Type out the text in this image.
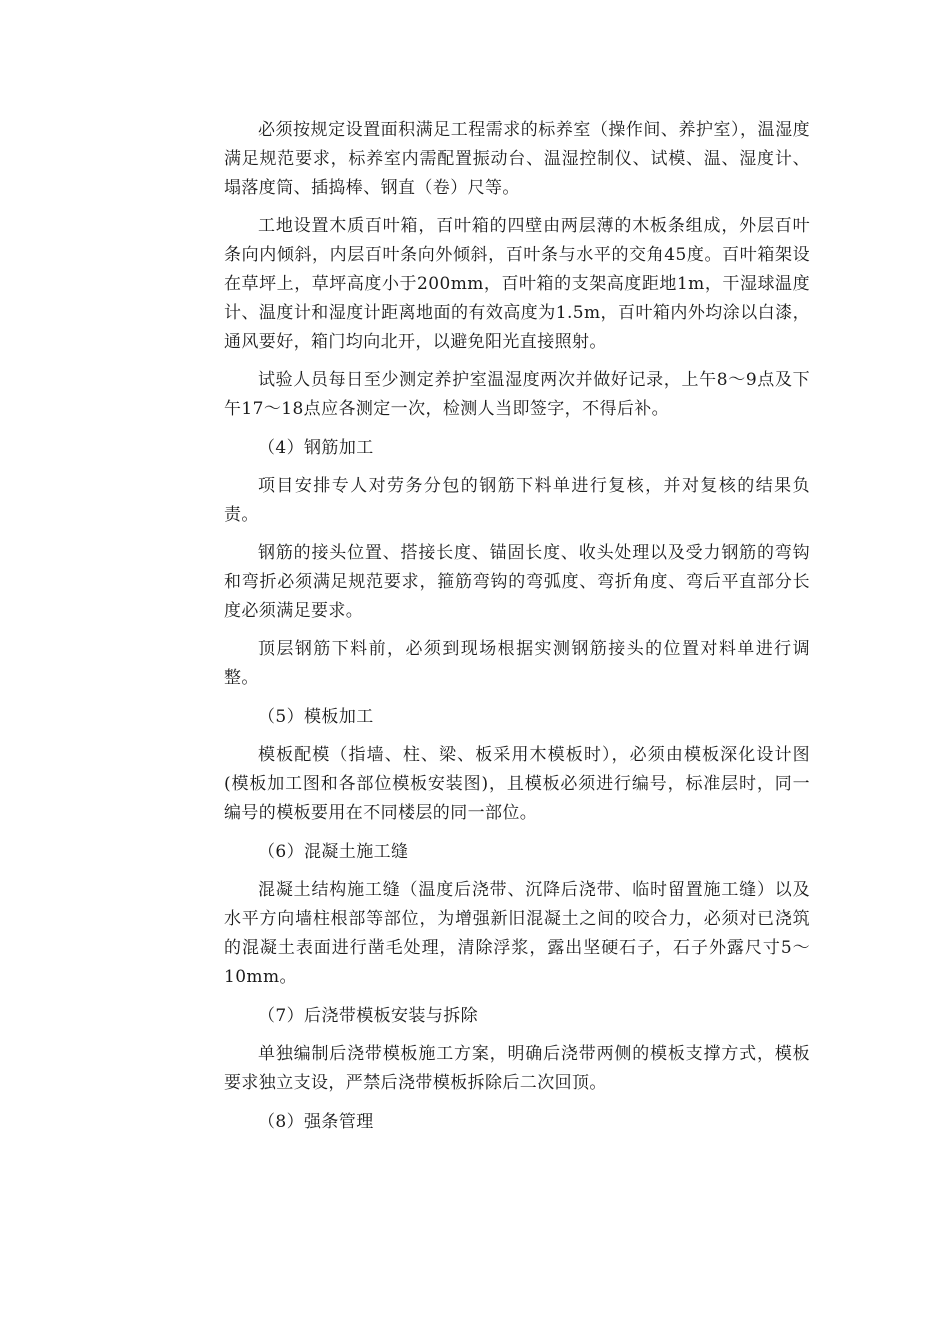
必须按规定设置面积满足工程需求的标养室（操作间、养护室），温湿度满足规范要求，标养室内需配置振动台、温湿控制仪、试模、温、湿度计、塌落度筒、插捣棒、钢直（卷）尺等。

工地设置木质百叶箱，百叶箱的四壁由两层薄的木板条组成，外层百叶条向内倾斜，内层百叶条向外倾斜，百叶条与水平的交角45度。百叶箱架设在草坪上，草坪高度小于200mm，百叶箱的支架高度距地1m，干湿球温度计、温度计和湿度计距离地面的有效高度为1.5m，百叶箱内外均涂以白漆，通风要好，箱门均向北开，以避免阳光直接照射。

试验人员每日至少测定养护室温湿度两次并做好记录，上午8～9点及下午17～18点应各测定一次，检测人当即签字，不得后补。

（4）钢筋加工

项目安排专人对劳务分包的钢筋下料单进行复核，并对复核的结果负责。

钢筋的接头位置、搭接长度、锚固长度、收头处理以及受力钢筋的弯钩和弯折必须满足规范要求，箍筋弯钩的弯弧度、弯折角度、弯后平直部分长度必须满足要求。

顶层钢筋下料前，必须到现场根据实测钢筋接头的位置对料单进行调整。

（5）模板加工

模板配模（指墙、柱、梁、板采用木模板时），必须由模板深化设计图(模板加工图和各部位模板安装图)，且模板必须进行编号，标准层时，同一编号的模板要用在不同楼层的同一部位。

（6）混凝土施工缝

混凝土结构施工缝（温度后浇带、沉降后浇带、临时留置施工缝）以及水平方向墙柱根部等部位，为增强新旧混凝土之间的咬合力，必须对已浇筑的混凝土表面进行凿毛处理，清除浮浆，露出坚硬石子，石子外露尺寸5～10mm。

（7）后浇带模板安装与拆除

单独编制后浇带模板施工方案，明确后浇带两侧的模板支撑方式，模板要求独立支设，严禁后浇带模板拆除后二次回顶。

（8）强条管理
